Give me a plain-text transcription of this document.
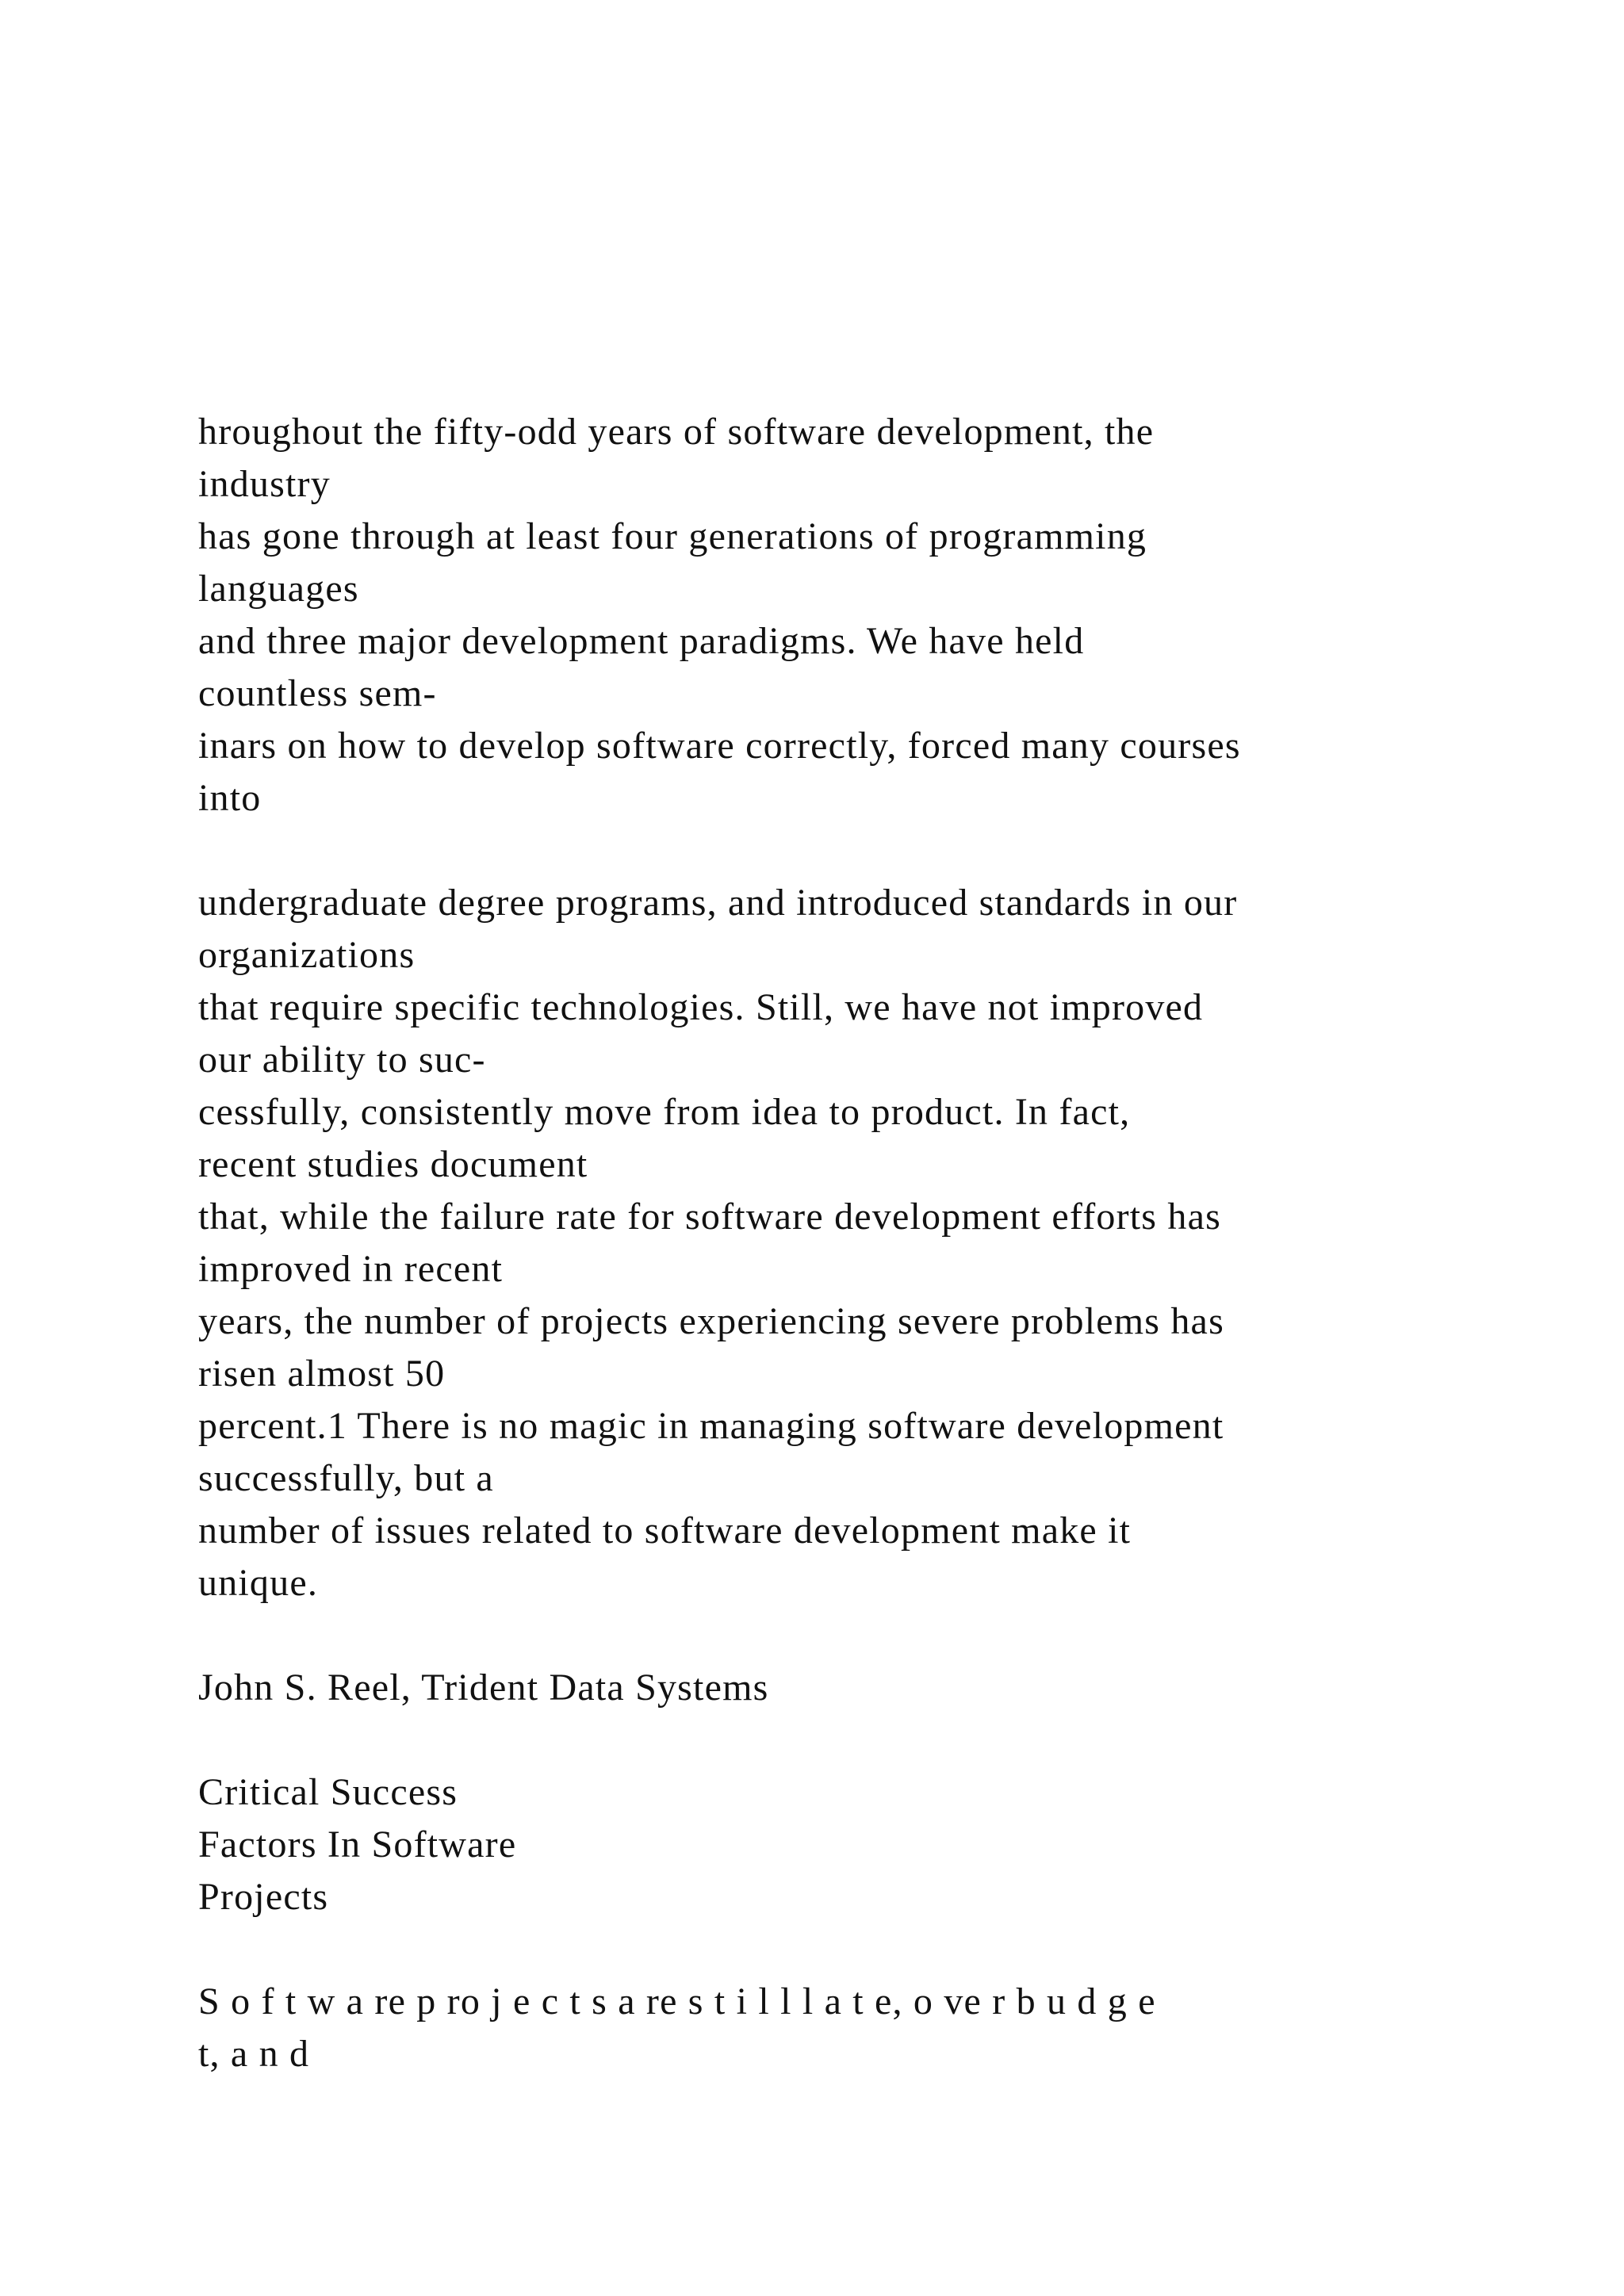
hroughout the fifty-odd years of software development, the
industry
has gone through at least four generations of programming
languages
and three major development paradigms. We have held
countless sem-
inars on how to develop software correctly, forced many courses
into
undergraduate degree programs, and introduced standards in our
organizations
that require specific technologies. Still, we have not improved
our ability to suc-
cessfully, consistently move from idea to product. In fact,
recent studies document
that, while the failure rate for software development efforts has
improved in recent
years, the number of projects experiencing severe problems has
risen almost 50
percent.1 There is no magic in managing software development
successfully, but a
number of issues related to software development make it
unique.
John S. Reel, Trident Data Systems
Critical Success
Factors In Software
Projects
S o f t w a re p ro j e c t s a re s t i l l l a t e, o ve r b u d g e
t, a n d
